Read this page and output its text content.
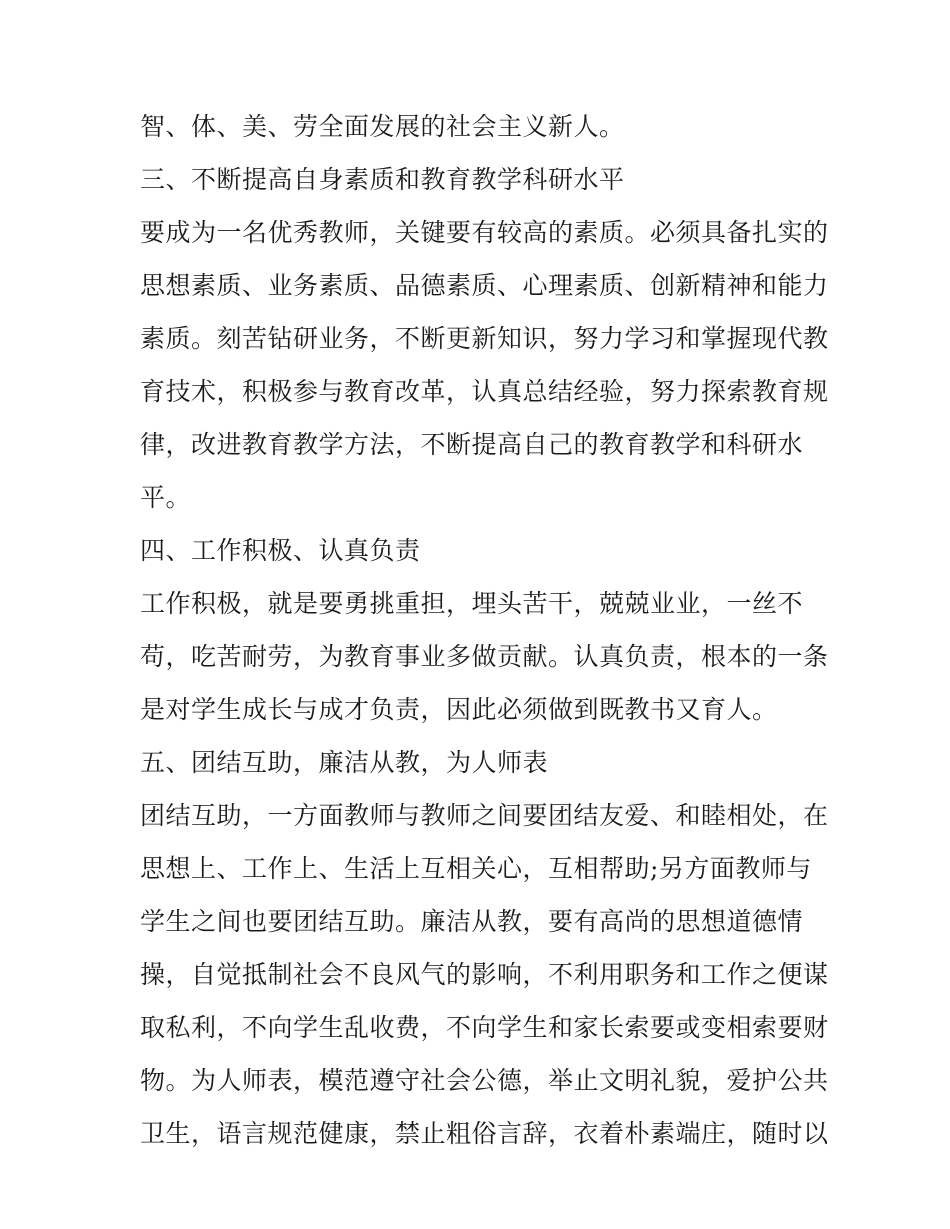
智、体、美、劳全面发展的社会主义新人。

三、不断提高自身素质和教育教学科研水平

要成为一名优秀教师，关键要有较高的素质。必须具备扎实的

思想素质、业务素质、品德素质、心理素质、创新精神和能力

素质。刻苦钻研业务，不断更新知识，努力学习和掌握现代教

育技术，积极参与教育改革，认真总结经验，努力探索教育规

律，改进教育教学方法，不断提高自己的教育教学和科研水

平。

四、工作积极、认真负责

工作积极，就是要勇挑重担，埋头苦干，兢兢业业，一丝不

苟，吃苦耐劳，为教育事业多做贡献。认真负责，根本的一条

是对学生成长与成才负责，因此必须做到既教书又育人。

五、团结互助，廉洁从教，为人师表

团结互助，一方面教师与教师之间要团结友爱、和睦相处，在

思想上、工作上、生活上互相关心，互相帮助;另方面教师与

学生之间也要团结互助。廉洁从教，要有高尚的思想道德情

操，自觉抵制社会不良风气的影响，不利用职务和工作之便谋

取私利，不向学生乱收费，不向学生和家长索要或变相索要财

物。为人师表，模范遵守社会公德，举止文明礼貌，爱护公共

卫生，语言规范健康，禁止粗俗言辞，衣着朴素端庄，随时以
